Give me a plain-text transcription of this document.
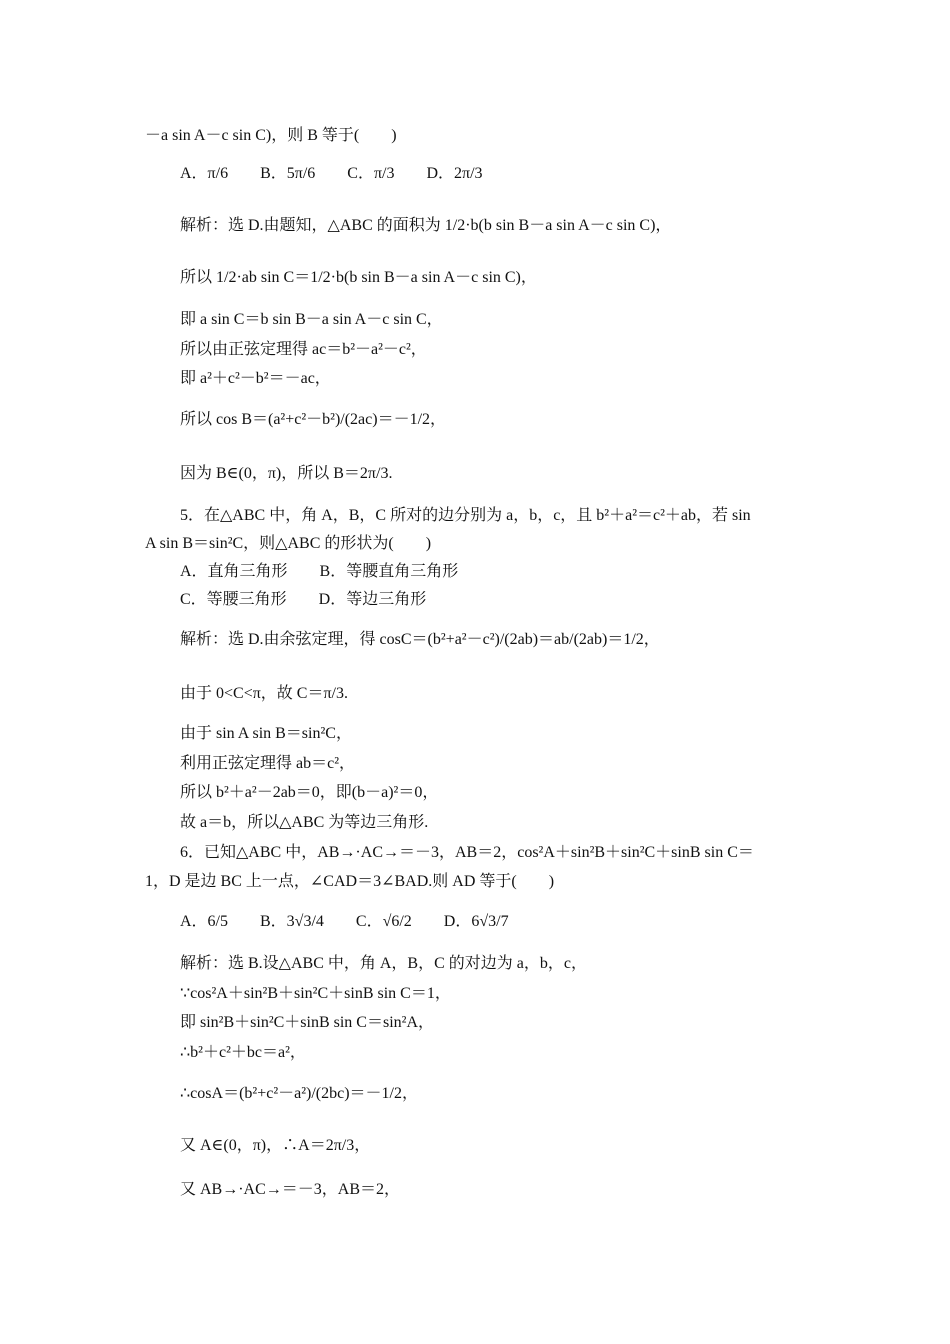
－a sin A－c sin C)，则 B 等于(　　)
A．π/6　　B．5π/6　　C．π/3　　D．2π/3
解析：选 D.由题知，△ABC 的面积为 1/2·b(b sin B－a sin A－c sin C)，
所以 1/2·ab sin C＝1/2·b(b sin B－a sin A－c sin C)，
即 a sin C＝b sin B－a sin A－c sin C，
所以由正弦定理得 ac＝b²－a²－c²，
即 a²＋c²－b²＝－ac，
所以 cos B＝(a²+c²－b²)/(2ac)＝－1/2，
因为 B∈(0，π)，所以 B＝2π/3.
5．在△ABC 中，角 A，B，C 所对的边分别为 a，b，c，且 b²＋a²＝c²＋ab，若 sin
A sin B＝sin²C，则△ABC 的形状为(　　)
A．直角三角形　　B．等腰直角三角形
C．等腰三角形　　D．等边三角形
解析：选 D.由余弦定理，得 cosC＝(b²+a²－c²)/(2ab)＝ab/(2ab)＝1/2，
由于 0<C<π，故 C＝π/3.
由于 sin A sin B＝sin²C，
利用正弦定理得 ab＝c²，
所以 b²＋a²－2ab＝0，即(b－a)²＝0，
故 a＝b，所以△ABC 为等边三角形.
6．已知△ABC 中，AB→·AC→＝－3，AB＝2，cos²A＋sin²B＋sin²C＋sinB sin C＝
1，D 是边 BC 上一点，∠CAD＝3∠BAD.则 AD 等于(　　)
A．6/5　　B．3√3/4　　C．√6/2　　D．6√3/7
解析：选 B.设△ABC 中，角 A，B，C 的对边为 a，b，c，
∵cos²A＋sin²B＋sin²C＋sinB sin C＝1，
即 sin²B＋sin²C＋sinB sin C＝sin²A，
∴b²＋c²＋bc＝a²，
∴cosA＝(b²+c²－a²)/(2bc)＝－1/2，
又 A∈(0，π)，∴A＝2π/3，
又 AB→·AC→＝－3，AB＝2，
